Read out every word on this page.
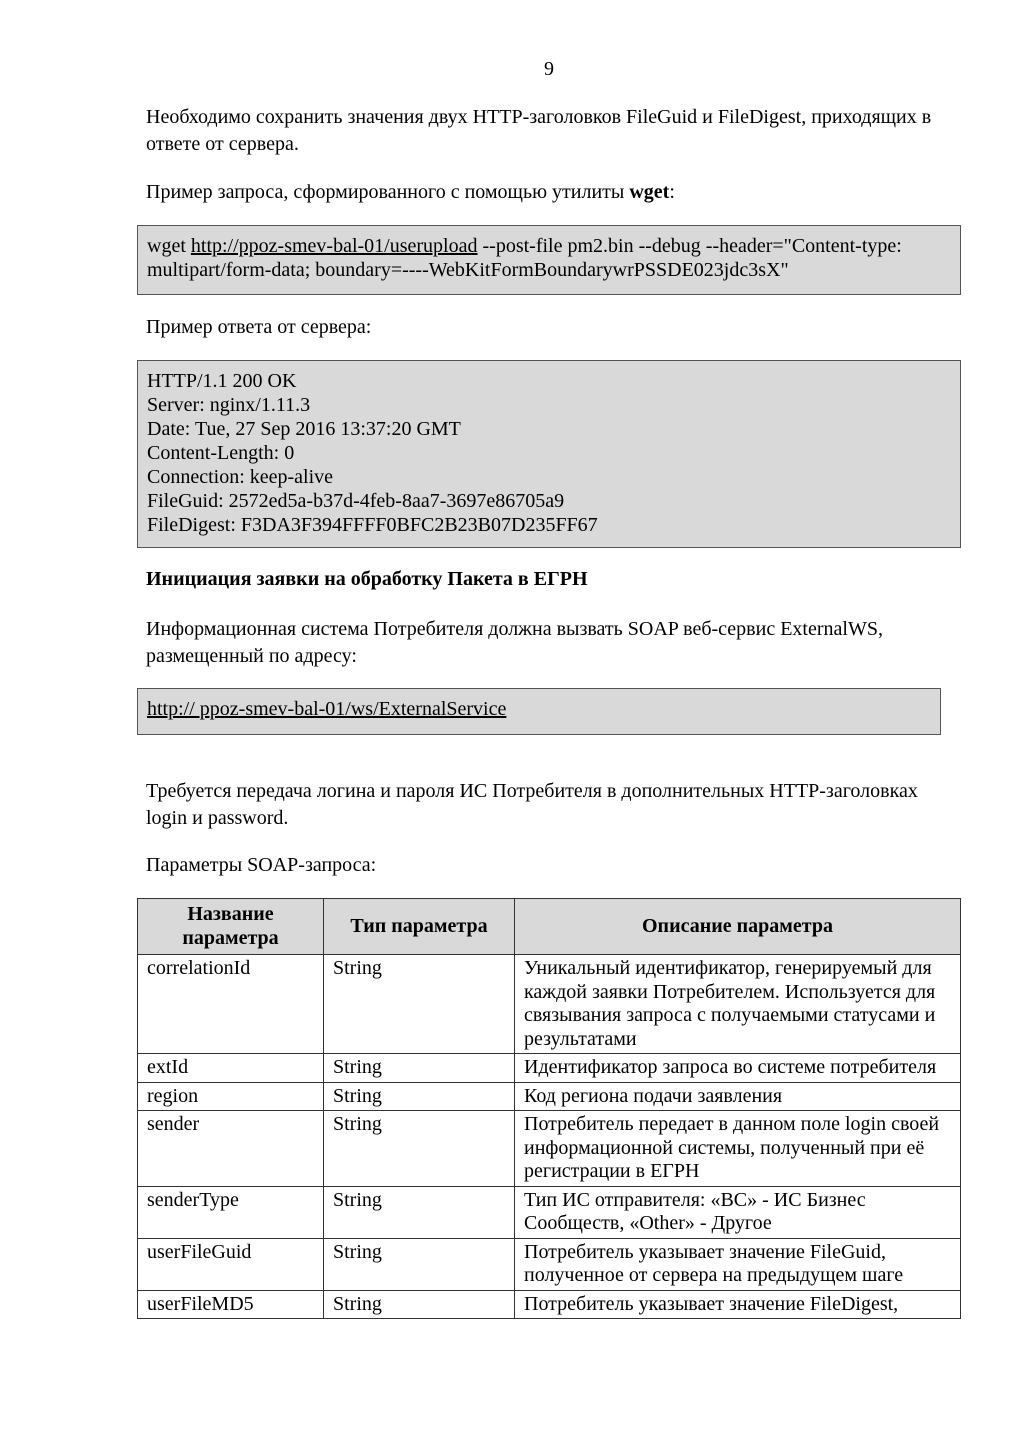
9

Необходимо сохранить значения двух HTTP-заголовков FileGuid и FileDigest, приходящих в ответе от сервера.

Пример запроса, сформированного с помощью утилиты wget:

wget http://ppoz-smev-bal-01/userupload --post-file pm2.bin --debug --header="Content-type:
multipart/form-data; boundary=----WebKitFormBoundarywrPSSDE023jdc3sX"

Пример ответа от сервера:

HTTP/1.1 200 OK
Server: nginx/1.11.3
Date: Tue, 27 Sep 2016 13:37:20 GMT
Content-Length: 0
Connection: keep-alive
FileGuid: 2572ed5a-b37d-4feb-8aa7-3697e86705a9
FileDigest: F3DA3F394FFFF0BFC2B23B07D235FF67
Инициация заявки на обработку Пакета в ЕГРН

Информационная система Потребителя должна вызвать SOAP веб-сервис ExternalWS, размещенный по адресу:

http:// ppoz-smev-bal-01/ws/ExternalService

Требуется передача логина и пароля ИС Потребителя в дополнительных HTTP-заголовках login и password.

Параметры SOAP-запроса:

Название параметра	Тип параметра	Описание параметра
correlationId	String	Уникальный идентификатор, генерируемый для каждой заявки Потребителем. Используется для связывания запроса с получаемыми статусами и результатами
extId	String	Идентификатор запроса во системе потребителя
region	String	Код региона подачи заявления
sender	String	Потребитель передает в данном поле login своей информационной системы, полученный при её регистрации в ЕГРН
senderType	String	Тип ИС отправителя: «BC» - ИС Бизнес Сообществ, «Other» - Другое
userFileGuid	String	Потребитель указывает значение FileGuid, полученное от сервера на предыдущем шаге
userFileMD5	String	Потребитель указывает значение FileDigest,
